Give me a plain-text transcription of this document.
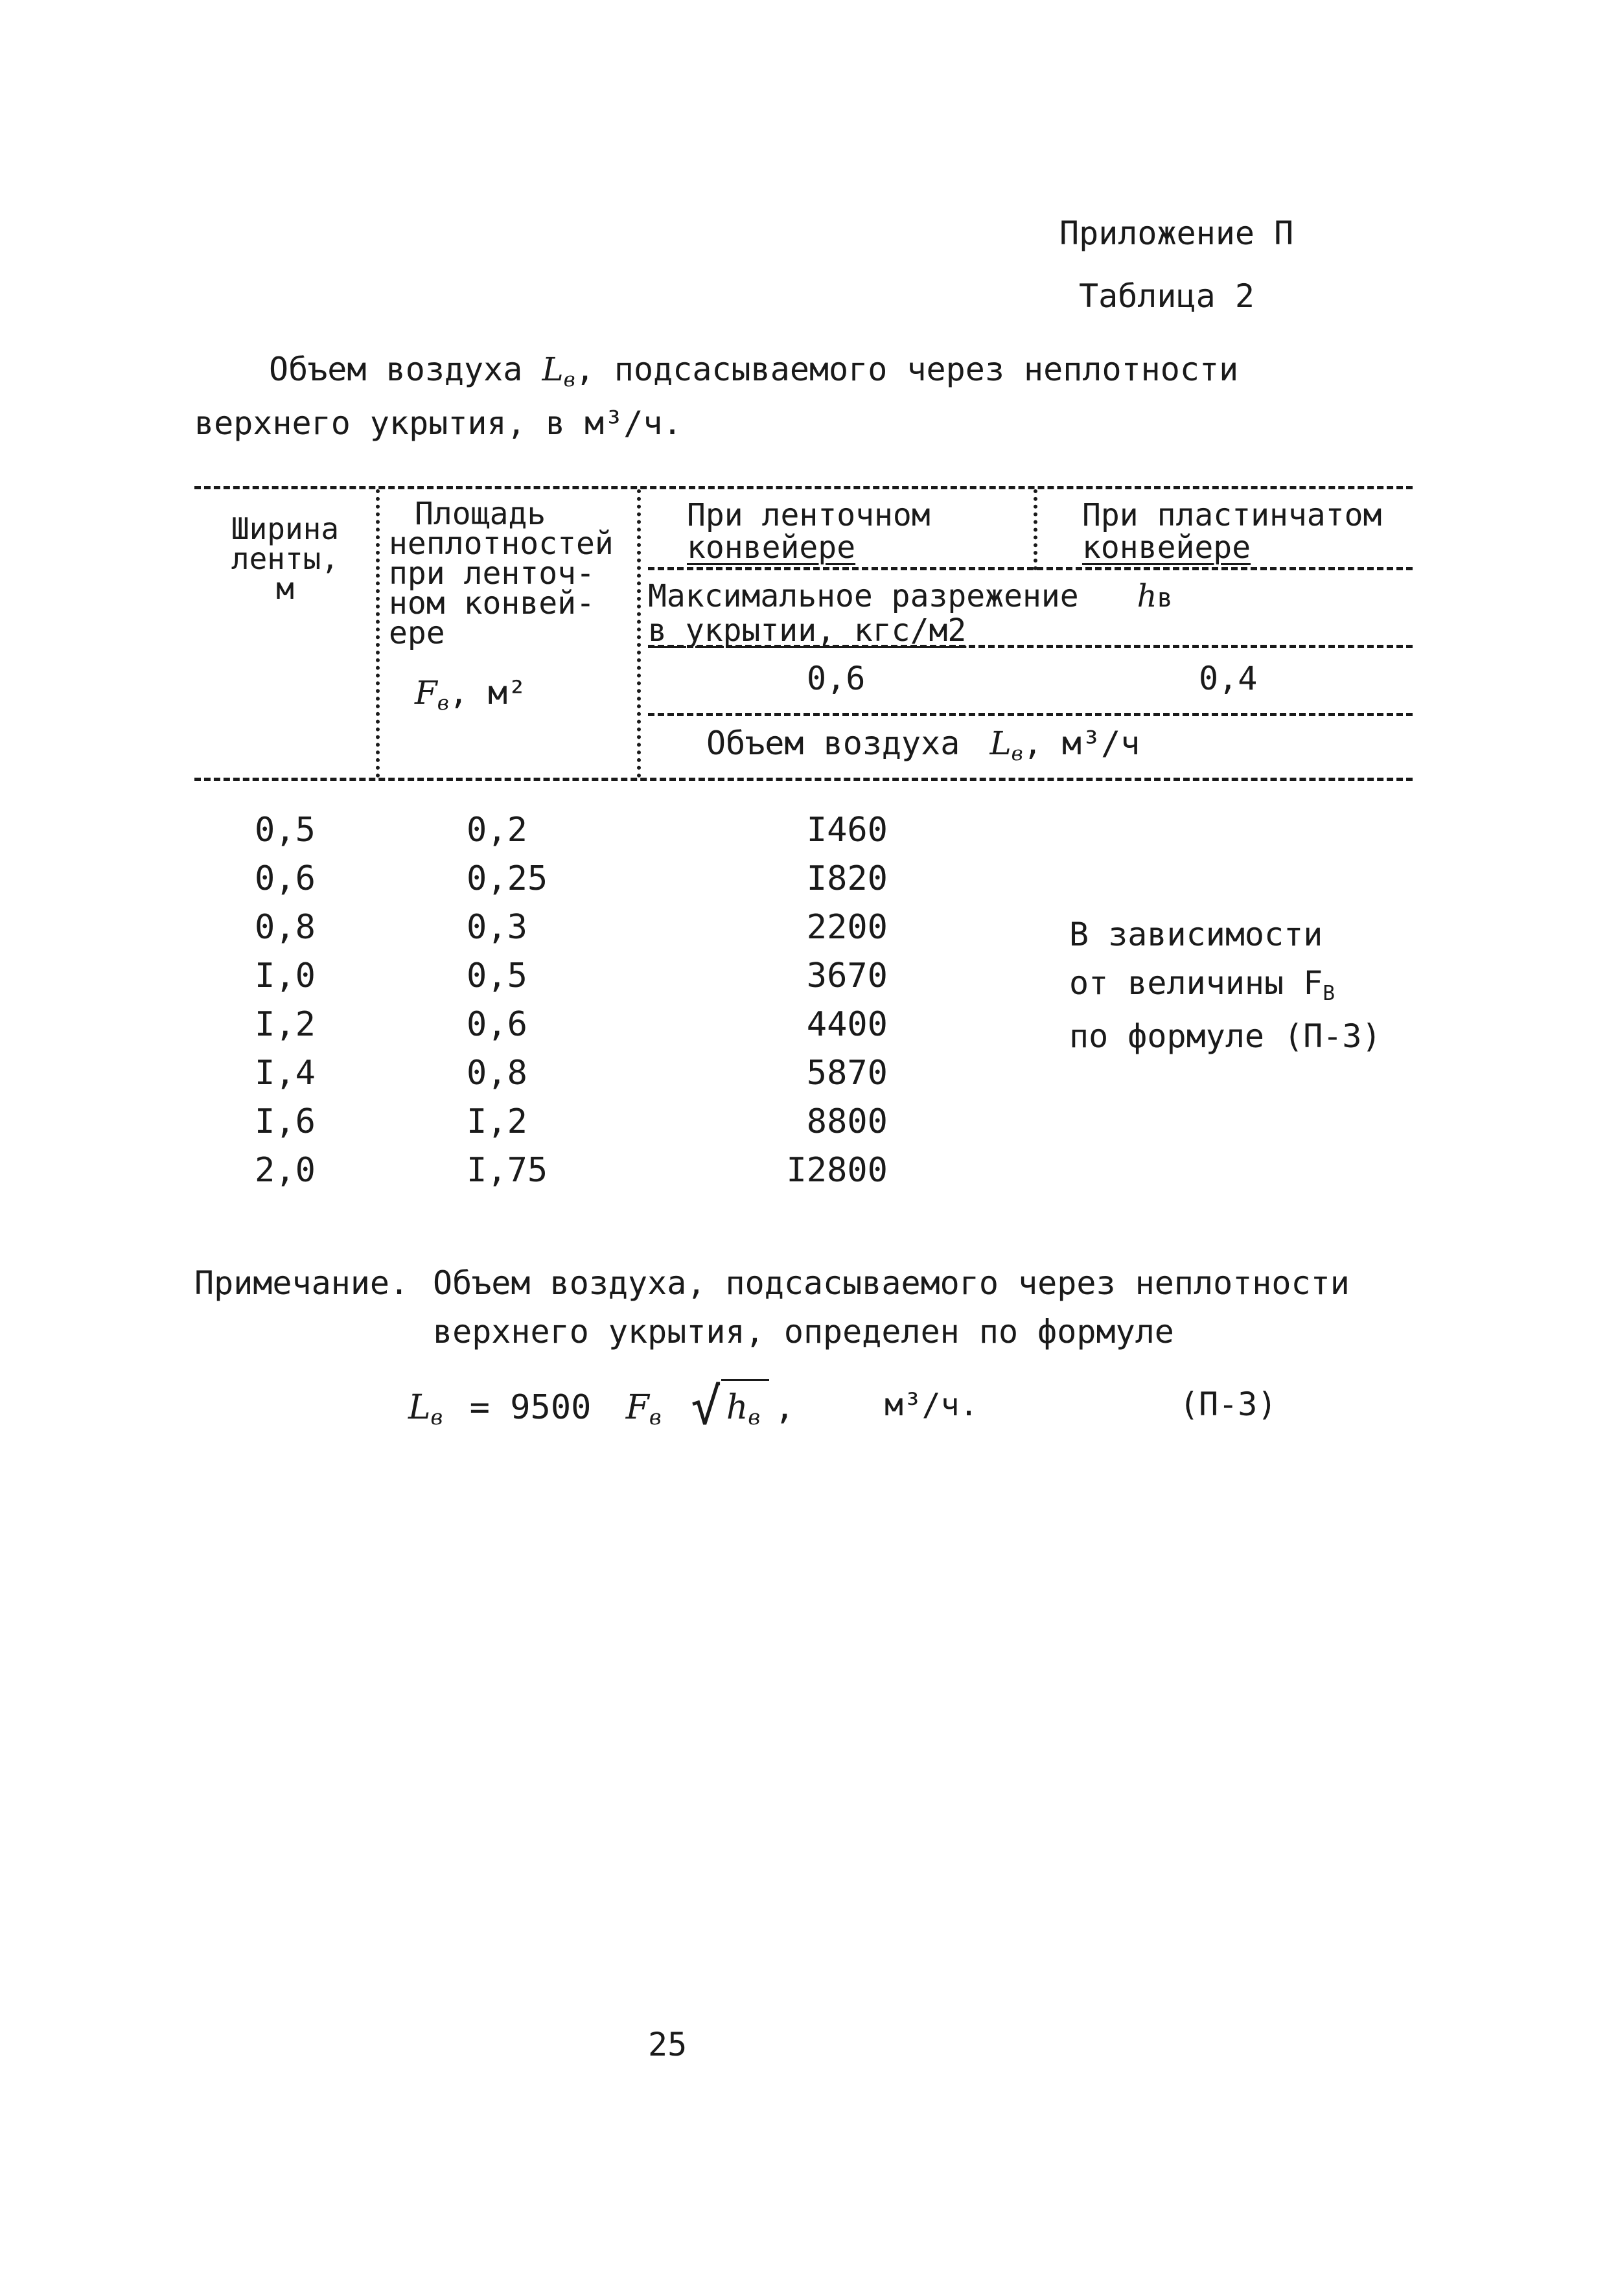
Приложение П
Таблица 2
Объем воздуха Lв, подсасываемого через неплотности
верхнего укрытия, в м³/ч.
Ширина
ленты,
м
Площадь
неплотностей
при ленточ-
ном конвей-
ере
Fв, м²
При ленточном
конвейере
При пластинчатом
конвейере
Максимальное разрежение hв
в укрытии, кгс/м2
0,6	0,4
Объем воздуха Lв, м³/ч
0,5	0,2	I460
0,6	0,25	I820
0,8	0,3	2200
I,0	0,5	3670
I,2	0,6	4400
I,4	0,8	5870
I,6	I,2	8800
2,0	I,75	I2800
В зависимости
от величины FВ
по формуле (П-3)
Примечание. Объем воздуха, подсасываемого через неплотности
верхнего укрытия, определен по формуле
Lв = 9500 Fв √ hв ,	м³/ч.	(П-3)
25
